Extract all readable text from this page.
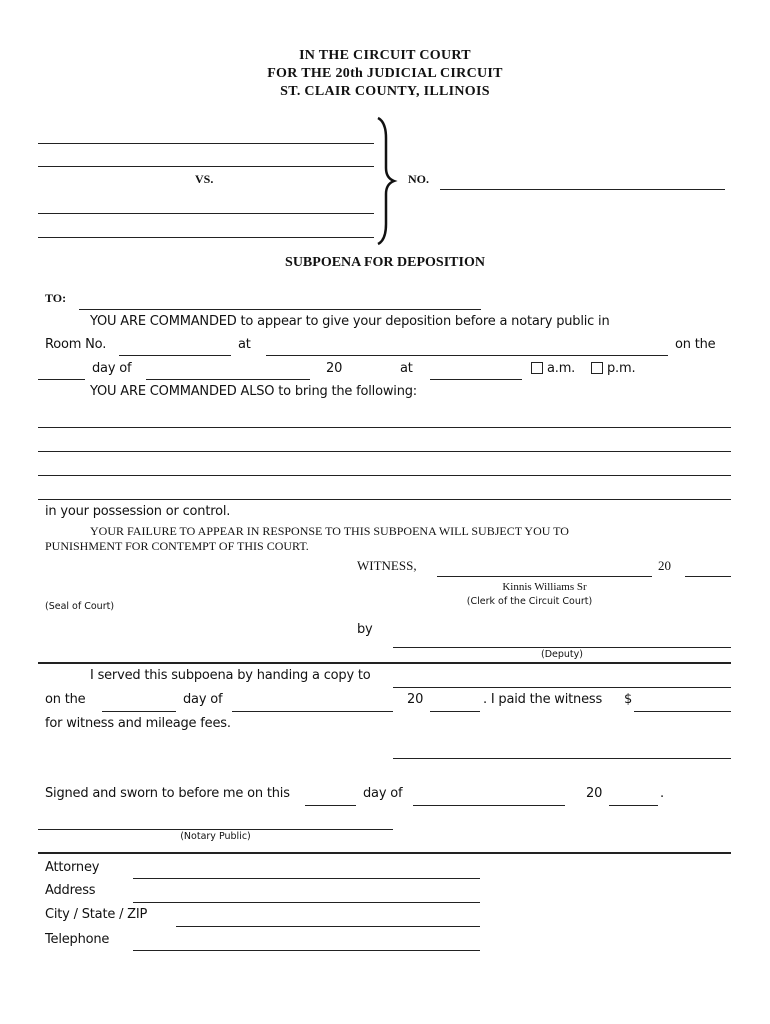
IN THE CIRCUIT COURT
FOR THE 20th JUDICIAL CIRCUIT
ST. CLAIR COUNTY, ILLINOIS
VS.	NO.
SUBPOENA FOR DEPOSITION
TO:
YOU ARE COMMANDED to appear to give your deposition before a notary public in
Room No.	at	on the
day of	20	at	a.m. p.m.
YOU ARE COMMANDED ALSO to bring the following:
in your possession or control.
YOUR FAILURE TO APPEAR IN RESPONSE TO THIS SUBPOENA WILL SUBJECT YOU TO
PUNISHMENT FOR CONTEMPT OF THIS COURT.
WITNESS,	20
Kinnis Williams Sr
(Clerk of the Circuit Court)
(Seal of Court)
by
(Deputy)
I served this subpoena by handing a copy to
on the	day of	20	. I paid the witness $
for witness and mileage fees.
Signed and sworn to before me on this	day of	20	.
(Notary Public)
Attorney
Address
City / State / ZIP
Telephone
